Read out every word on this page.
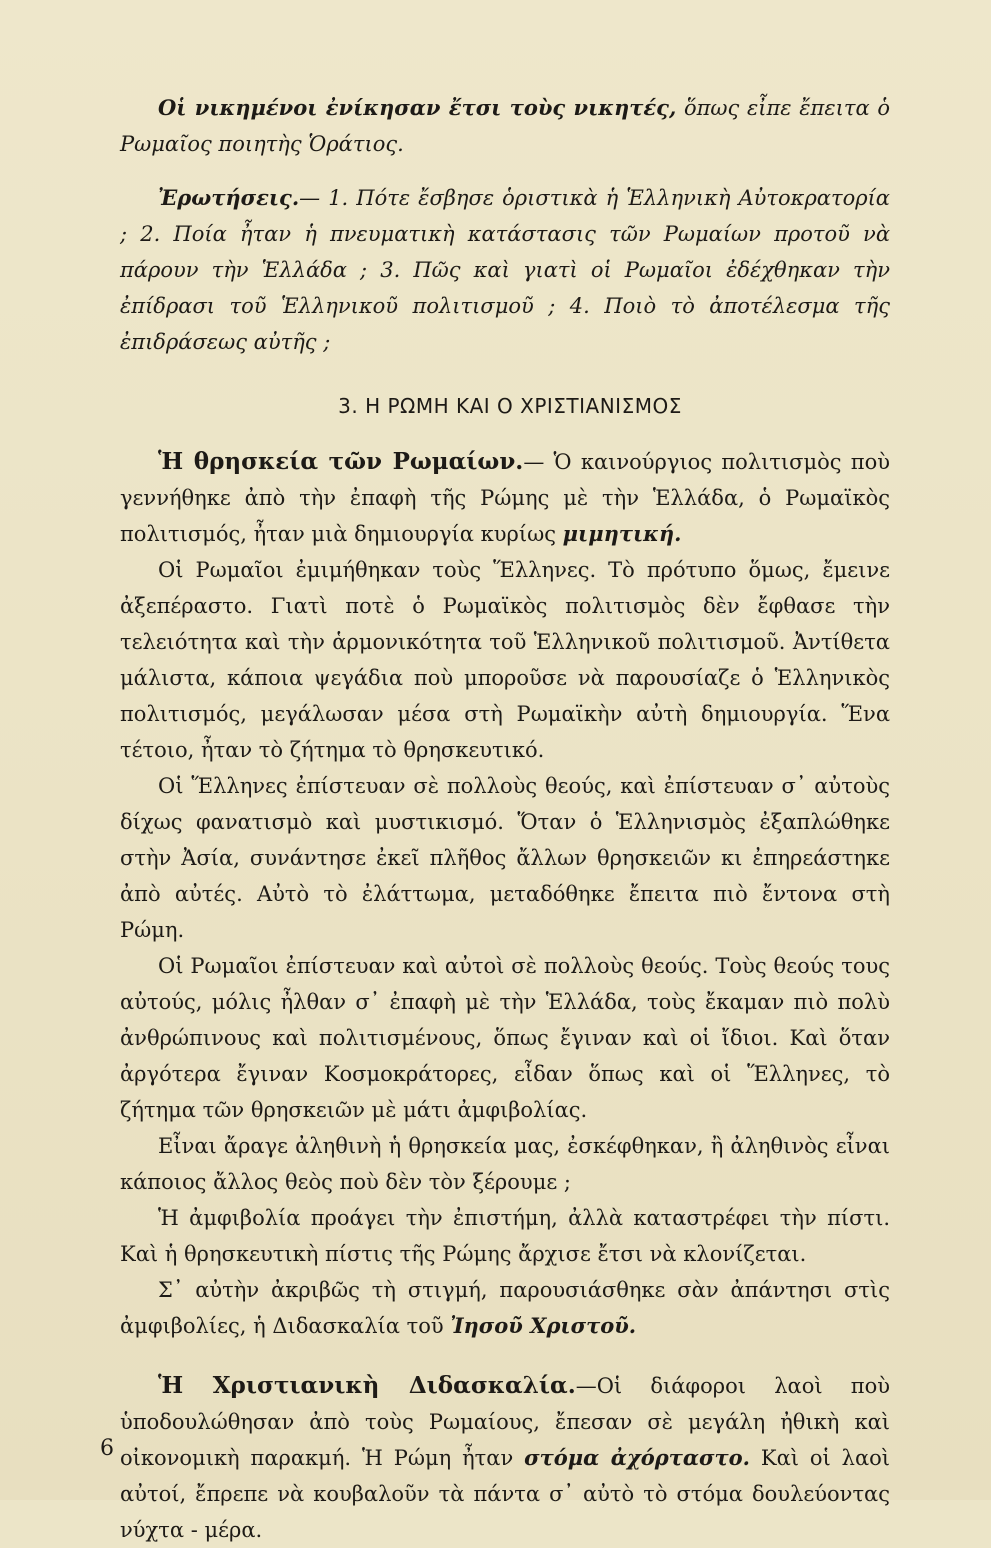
Οἱ νικημένοι ἐνίκησαν ἔτσι τοὺς νικητές, ὅπως εἶπε ἔπειτα ὁ Ρωμαῖος ποιητὴς Ὁράτιος.

Ἐρωτήσεις.— 1. Πότε ἔσβησε ὁριστικὰ ἡ Ἑλληνικὴ Αὐτοκρατορία ; 2. Ποία ἦταν ἡ πνευματικὴ κατάστασις τῶν Ρωμαίων πρoτοῦ νὰ πάρουν τὴν Ἑλλάδα ; 3. Πῶς καὶ γιατὶ οἱ Ρωμαῖοι ἐδέχθηκαν τὴν ἐπίδρασι τοῦ Ἑλληνικοῦ πολιτισμοῦ ; 4. Ποιὸ τὸ ἀποτέλεσμα τῆς ἐπιδράσεως αὐτῆς ;

3. Η ΡΩΜΗ ΚΑΙ Ο ΧΡΙΣΤΙΑΝΙΣΜΟΣ

Ἡ θρησκεία τῶν Ρωμαίων.— Ὁ καινούργιος πολιτισμὸς ποὺ γεννήθηκε ἀπὸ τὴν ἐπαφὴ τῆς Ρώμης μὲ τὴν Ἑλλάδα, ὁ Ρωμαϊκὸς πολιτισμός, ἦταν μιὰ δημιουργία κυρίως μιμητική.

Οἱ Ρωμαῖοι ἐμιμήθηκαν τοὺς Ἕλληνες. Τὸ πρότυπο ὅμως, ἔμεινε ἀξεπέραστο. Γιατὶ ποτὲ ὁ Ρωμαϊκὸς πολιτισμὸς δὲν ἔφθασε τὴν τελειότητα καὶ τὴν ἁρμονικότητα τοῦ Ἑλληνικοῦ πολιτισμοῦ. Ἀντίθετα μάλιστα, κάποια ψεγάδια ποὺ μποροῦσε νὰ παρουσίαζε ὁ Ἑλληνικὸς πολιτισμός, μεγάλωσαν μέσα στὴ Ρωμαϊκὴν αὐτὴ δημιουργία. Ἕνα τέτοιο, ἦταν τὸ ζήτημα τὸ θρησκευτικό.

Οἱ Ἕλληνες ἐπίστευαν σὲ πολλοὺς θεούς, καὶ ἐπίστευαν σ᾿ αὐτοὺς δίχως φανατισμὸ καὶ μυστικισμό. Ὅταν ὁ Ἑλληνισμὸς ἐξαπλώθηκε στὴν Ἀσία, συνάντησε ἐκεῖ πλῆθος ἄλλων θρησκειῶν κι ἐπηρεάστηκε ἀπὸ αὐτές. Αὐτὸ τὸ ἐλάττωμα, μεταδόθηκε ἔπειτα πιὸ ἔντονα στὴ Ρώμη.

Οἱ Ρωμαῖοι ἐπίστευαν καὶ αὐτοὶ σὲ πολλοὺς θεούς. Τοὺς θεούς τους αὐτούς, μόλις ἦλθαν σ᾿ ἐπαφὴ μὲ τὴν Ἑλλάδα, τοὺς ἔκαμαν πιὸ πολὺ ἀνθρώπινους καὶ πολιτισμένους, ὅπως ἔγιναν καὶ οἱ ἴδιοι. Καὶ ὅταν ἀργότερα ἔγιναν Κοσμοκράτορες, εἶδαν ὅπως καὶ οἱ Ἕλληνες, τὸ ζήτημα τῶν θρησκειῶν μὲ μάτι ἀμφιβολίας.

Εἶναι ἄραγε ἀληθινὴ ἡ θρησκεία μας, ἐσκέφθηκαν, ἢ ἀληθινὸς εἶναι κάποιος ἄλλος θεὸς ποὺ δὲν τὸν ξέρουμε ;

Ἡ ἀμφιβολία προάγει τὴν ἐπιστήμη, ἀλλὰ καταστρέφει τὴν πίστι. Καὶ ἡ θρησκευτικὴ πίστις τῆς Ρώμης ἄρχισε ἔτσι νὰ κλονίζεται.

Σ᾿ αὐτὴν ἀκριβῶς τὴ στιγμή, παρουσιάσθηκε σὰν ἀπάντησι στὶς ἀμφιβολίες, ἡ Διδασκαλία τοῦ Ἰησοῦ Χριστοῦ.

Ἡ Χριστιανικὴ Διδασκαλία.—Οἱ διάφοροι λαοὶ ποὺ ὑποδουλώθησαν ἀπὸ τοὺς Ρωμαίους, ἔπεσαν σὲ μεγάλη ἠθικὴ καὶ οἰκονομικὴ παρακμή. Ἡ Ρώμη ἦταν στόμα ἀχόρταστο. Καὶ οἱ λαοὶ αὐτοί, ἔπρεπε νὰ κουβαλοῦν τὰ πάντα σ᾿ αὐτὸ τὸ στόμα δουλεύοντας νύχτα - μέρα.

6
